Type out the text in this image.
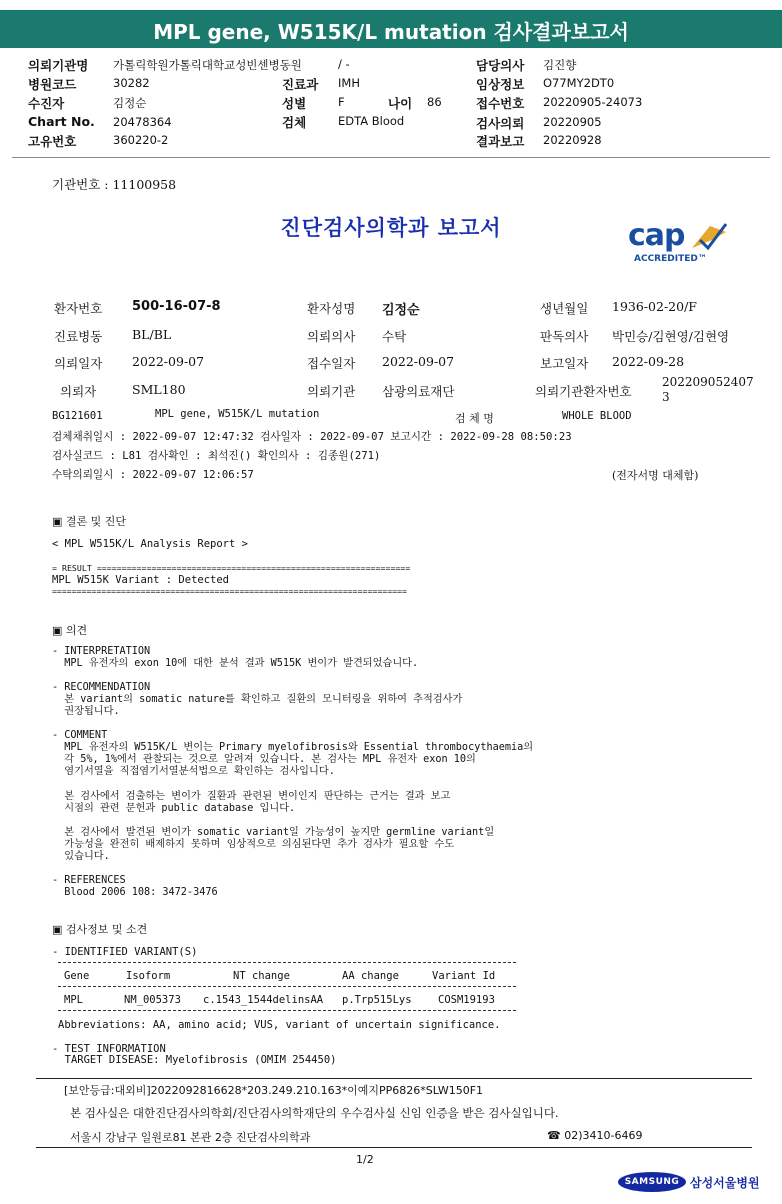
MPL gene, W515K/L mutation 검사결과보고서
의뢰기관명 가톨릭학원가톨릭대학교성빈센병동원	/ -	담당의사 김진향
병원코드	30282	진료과 IMH	임상정보 O77MY2DT0
수진자	김정순	성별	F	나이 86	접수번호 20220905-24073
Chart No. 20478364	검체	EDTA Blood	검사의뢰 20220905
고유번호	360220-2	결과보고 20220928
기관번호 : 11100958
진단검사의학과 보고서	cap
ACCREDITED™
환자번호 500-16-07-8	환자성명 김정순	생년월일 1936-02-20/F
진료병동 BL/BL	의뢰의사 수탁	판독의사 박민승/김현영/김현영
의뢰일자 2022-09-07	접수일자 2022-09-07	보고일자 2022-09-28
의뢰자	SML180	의뢰기관 삼광의료재단	의뢰기관환자번호
202209052407
3
BG121601	MPL gene, W515K/L mutation	검 체 명	WHOLE BLOOD
검체채취일시 : 2022-09-07 12:47:32 검사일자 : 2022-09-07 보고시간 : 2022-09-28 08:50:23
검사실코드 : L81 검사확인 : 최석진() 확인의사 : 김종원(271)
수탁의뢰일시 : 2022-09-07 12:06:57	(전자서명 대체함)
▣ 결론 및 진단
< MPL W515K/L Analysis Report >
= RESULT ===============================================================
MPL W515K Variant : Detected
========================================================================
▣ 의견
- INTERPRETATION
MPL 유전자의 exon 10에 대한 분석 결과 W515K 변이가 발견되었습니다.

- RECOMMENDATION
본 variant의 somatic nature를 확인하고 질환의 모니터링을 위하여 추적검사가
권장됩니다.

- COMMENT
MPL 유전자의 W515K/L 변이는 Primary myelofibrosis와 Essential thrombocythaemia의
각 5%, 1%에서 관찰되는 것으로 알려져 있습니다. 본 검사는 MPL 유전자 exon 10의
염기서열을 직접염기서열분석법으로 확인하는 검사입니다.

본 검사에서 검출하는 변이가 질환과 관련된 변이인지 판단하는 근거는 결과 보고
시점의 관련 문헌과 public database 입니다.

본 검사에서 발견된 변이가 somatic variant일 가능성이 높지만 germline variant일
가능성을 완전히 배제하지 못하며 임상적으로 의심된다면 추가 검사가 필요할 수도
있습니다.

- REFERENCES
Blood 2006 108: 3472-3476
▣ 검사정보 및 소견
- IDENTIFIED VARIANT(S)
Gene	Isoform	NT change	AA change	Variant Id
MPL	NM_005373 c.1543_1544delinsAA p.Trp515Lys	COSM19193
Abbreviations: AA, amino acid; VUS, variant of uncertain significance.
- TEST INFORMATION
TARGET DISEASE: Myelofibrosis (OMIM 254450)
[보안등급:대외비]2022092816628*203.249.210.163*이예지PP6826*SLW150F1
본 검사실은 대한진단검사의학회/진단검사의학재단의 우수검사실 신임 인증을 받은 검사실입니다.
서울시 강남구 일원로81 본관 2층 진단검사의학과	☎ 02)3410-6469
1/2
SAMSUNG 삼성서울병원
